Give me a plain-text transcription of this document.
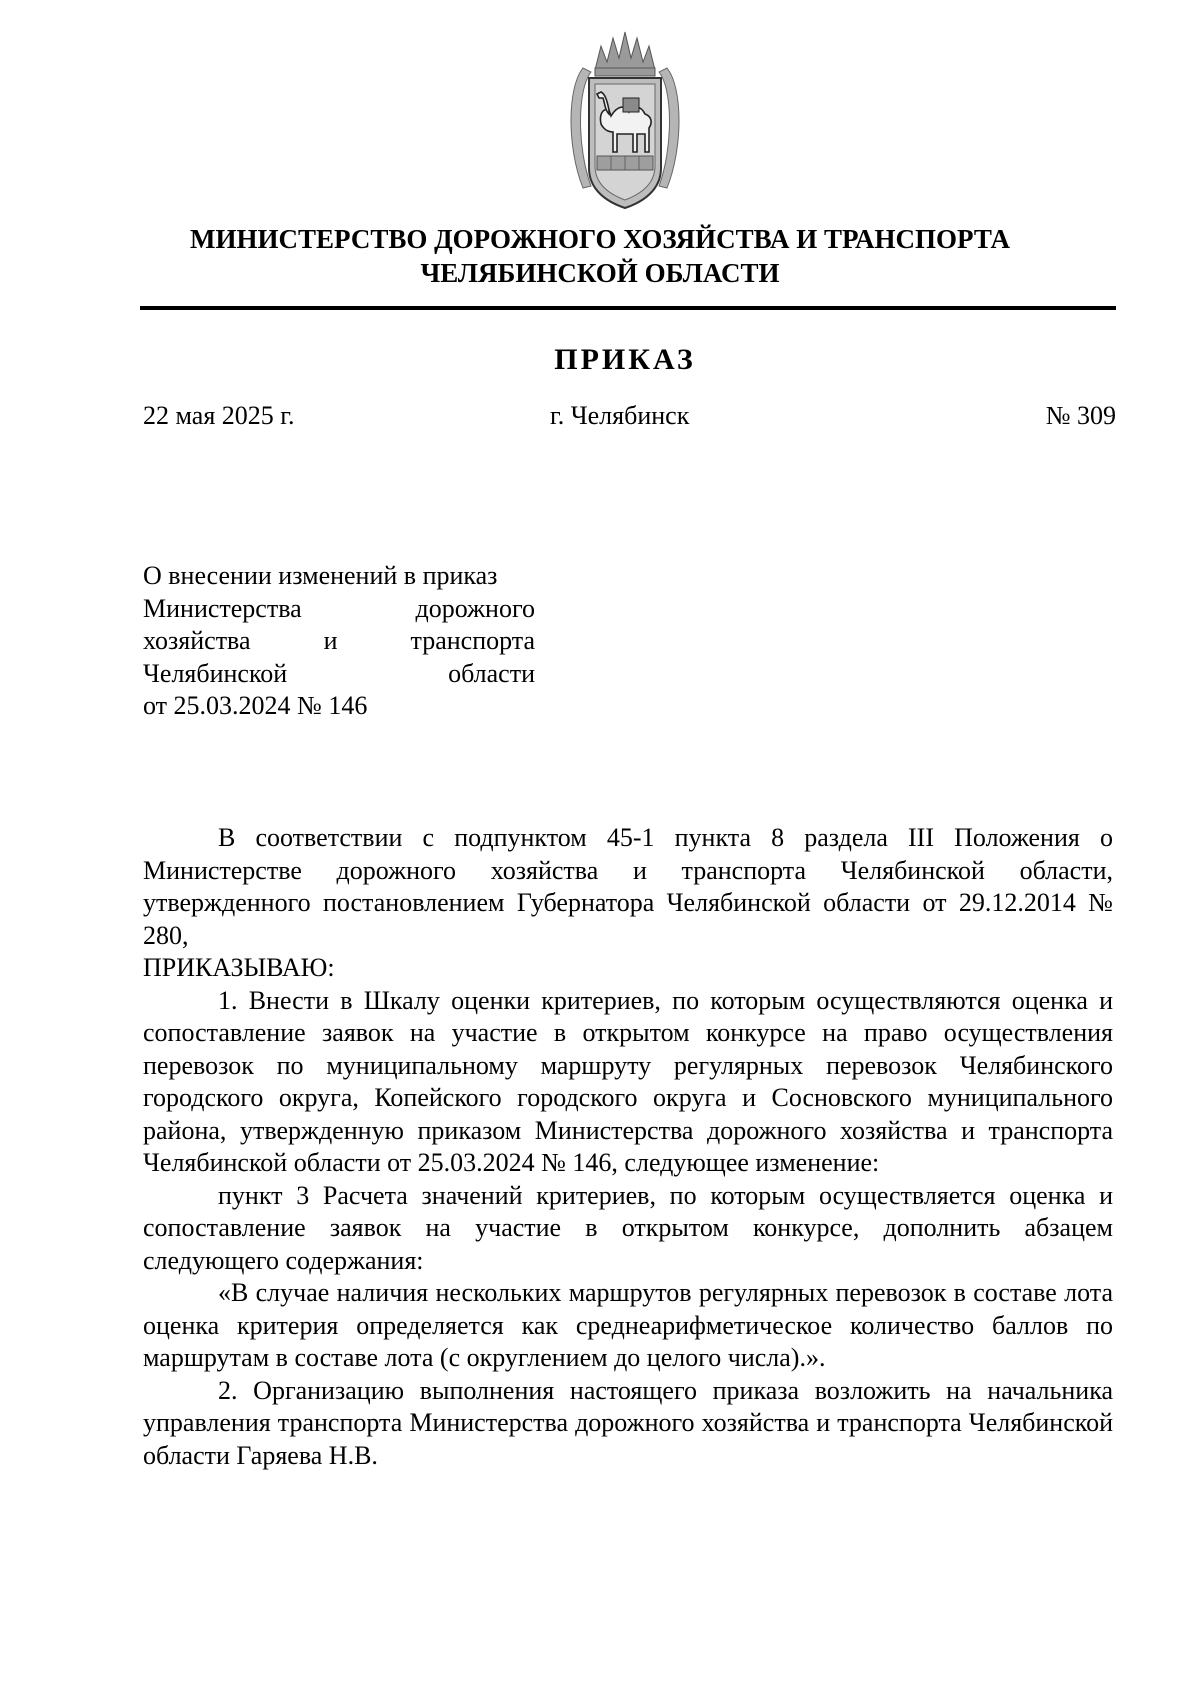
МИНИСТЕРСТВО ДОРОЖНОГО ХОЗЯЙСТВА И ТРАНСПОРТА
ЧЕЛЯБИНСКОЙ ОБЛАСТИ
ПРИКАЗ
22 мая 2025 г.	г. Челябинск	№ 309
О внесении изменений в приказ
Министерства	дорожного
хозяйства	и	транспорта
Челябинской	области
от 25.03.2024 № 146
В соответствии с подпунктом 45-1 пункта 8 раздела III Положения о Министерстве дорожного хозяйства и транспорта Челябинской области, утвержденного постановлением Губернатора Челябинской области от 29.12.2014 № 280,
ПРИКАЗЫВАЮ:
1. Внести в Шкалу оценки критериев, по которым осуществляются оценка и сопоставление заявок на участие в открытом конкурсе на право осуществления перевозок по муниципальному маршруту регулярных перевозок Челябинского городского округа, Копейского городского округа и Сосновского муниципального района, утвержденную приказом Министерства дорожного хозяйства и транспорта Челябинской области от 25.03.2024 № 146, следующее изменение:
пункт 3 Расчета значений критериев, по которым осуществляется оценка и сопоставление заявок на участие в открытом конкурсе, дополнить абзацем следующего содержания:
«В случае наличия нескольких маршрутов регулярных перевозок в составе лота оценка критерия определяется как среднеарифметическое количество баллов по маршрутам в составе лота (с округлением до целого числа).».
2. Организацию выполнения настоящего приказа возложить на начальника управления транспорта Министерства дорожного хозяйства и транспорта Челябинской области Гаряева Н.В.
